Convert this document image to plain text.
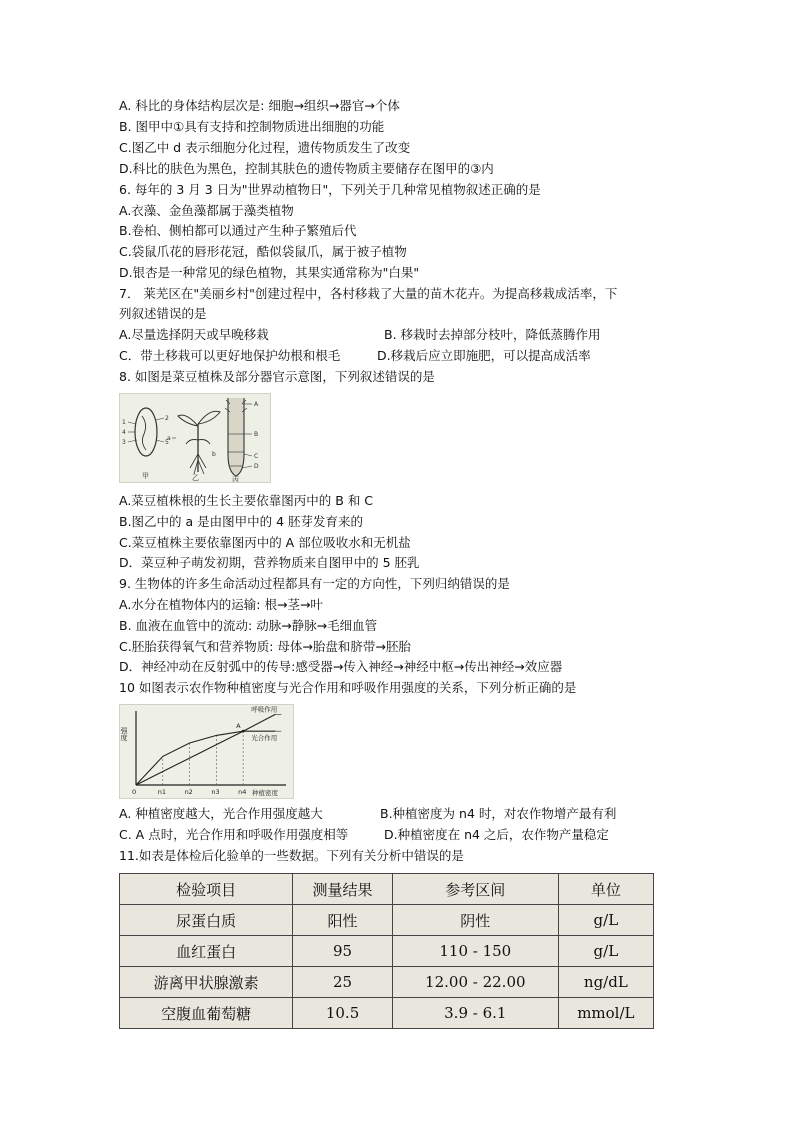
A. 科比的身体结构层次是: 细胞→组织→器官→个体
B. 图甲中①具有支持和控制物质进出细胞的功能
C.图乙中 d 表示细胞分化过程，遗传物质发生了改变
D.科比的肤色为黑色，控制其肤色的遗传物质主要储存在图甲的③内
6. 每年的 3 月 3 日为"世界动植物日"，下列关于几种常见植物叙述正确的是
A.衣藻、金鱼藻都属于藻类植物
B.卷柏、侧柏都可以通过产生种子繁殖后代
C.袋鼠爪花的唇形花冠，酷似袋鼠爪，属于被子植物
D.银杏是一种常见的绿色植物，其果实通常称为"白果"
7． 莱芜区在"美丽乡村"创建过程中，各村移栽了大量的苗木花卉。为提高移栽成活率，下
列叙述错误的是
A.尽量选择阴天或早晚移栽	B. 移栽时去掉部分枝叶，降低蒸腾作用
C．带土移栽可以更好地保护幼根和根毛	D.移栽后应立即施肥，可以提高成活率
8. 如图是菜豆植株及部分器官示意图，下列叙述错误的是
1
4
3
2
5
甲
a
b
乙
A
B
C
D
丙
A.菜豆植株根的生长主要依靠图丙中的 B 和 C
B.图乙中的 a 是由图甲中的 4 胚芽发育来的
C.菜豆植株主要依靠图丙中的 A 部位吸收水和无机盐
D．菜豆种子萌发初期，营养物质来自图甲中的 5 胚乳
9. 生物体的许多生命活动过程都具有一定的方向性，下列归纳错误的是
A.水分在植物体内的运输: 根→茎→叶
B. 血液在血管中的流动: 动脉→静脉→毛细血管
C.胚胎获得氧气和营养物质: 母体→胎盘和脐带→胚胎
D．神经冲动在反射弧中的传导:感受器→传入神经→神经中枢→传出神经→效应器
10 如图表示农作物种植密度与光合作用和呼吸作用强度的关系，下列分析正确的是
强度
种植密度
0	n1	n2	n3	n4
呼吸作用
光合作用
A
A. 种植密度越大，光合作用强度越大	B.种植密度为 n4 时，对农作物增产最有利
C. A 点时，光合作用和呼吸作用强度相等	D.种植密度在 n4 之后，农作物产量稳定
11.如表是体检后化验单的一些数据。下列有关分析中错误的是
检验项目	测量结果	参考区间	单位
尿蛋白质	阳性	阴性	g/L
血红蛋白	95	110 - 150	g/L
游离甲状腺激素	25	12.00 - 22.00	ng/dL
空腹血葡萄糖	10.5	3.9 - 6.1	mmol/L
